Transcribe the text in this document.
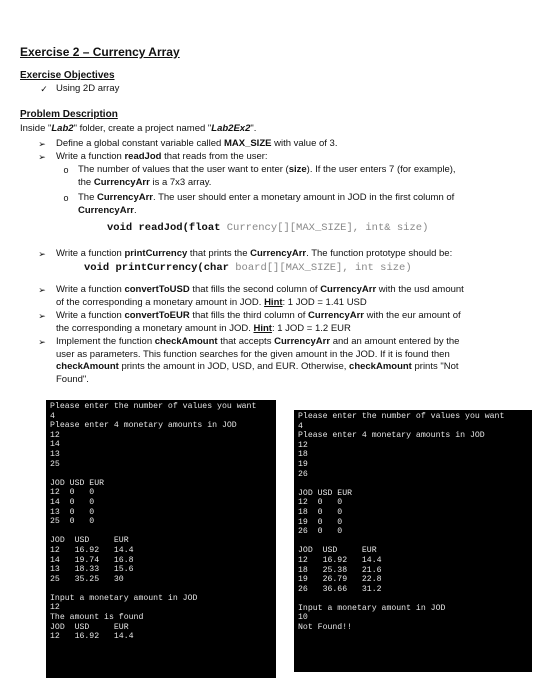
Exercise 2 – Currency Array
Exercise Objectives
✓ Using 2D array
Problem Description
Inside "Lab2" folder, create a project named "Lab2Ex2".
➢	Define a global constant variable called MAX_SIZE with value of 3.
➢	Write a function readJod that reads from the user:
o	The number of values that the user want to enter (size). If the user enters 7 (for example),
the CurrencyArr is a 7x3 array.
o	The CurrencyArr. The user should enter a monetary amount in JOD in the first column of
CurrencyArr.
void readJod(float Currency[][MAX_SIZE], int& size)
➢	Write a function printCurrency that prints the CurrencyArr. The function prototype should be:
void printCurrency(char board[][MAX_SIZE], int size)
➢	Write a function convertToUSD that fills the second column of CurrencyArr with the usd amount
of the corresponding a monetary amount in JOD. Hint: 1 JOD = 1.41 USD
➢	Write a function convertToEUR that fills the third column of CurrencyArr with the eur amount of
the corresponding a monetary amount in JOD. Hint: 1 JOD = 1.2 EUR
➢	Implement the function checkAmount that accepts CurrencyArr and an amount entered by the
user as parameters. This function searches for the given amount in the JOD. If it is found then
checkAmount prints the amount in JOD, USD, and EUR. Otherwise, checkAmount prints "Not
Found".
Please enter the number of values you want
4
Please enter 4 monetary amounts in JOD
12
14
13
25
JOD USD EUR
12  0   0
14  0   0
13  0   0
25  0   0
JOD  USD     EUR
12   16.92   14.4
14   19.74   16.8
13   18.33   15.6
25   35.25   30
Input a monetary amount in JOD
12
The amount is found
JOD  USD     EUR
12   16.92   14.4
Please enter the number of values you want
4
Please enter 4 monetary amounts in JOD
12
18
19
26
JOD USD EUR
12  0   0
18  0   0
19  0   0
26  0   0
JOD  USD     EUR
12   16.92   14.4
18   25.38   21.6
19   26.79   22.8
26   36.66   31.2
Input a monetary amount in JOD
10
Not Found!!
